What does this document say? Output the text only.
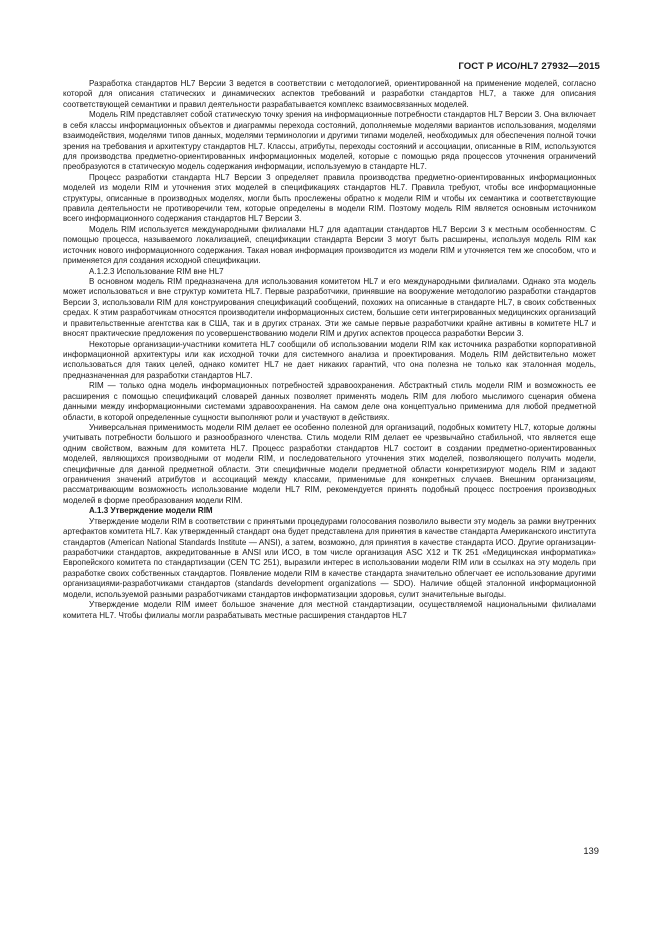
ГОСТ Р ИСО/HL7 27932—2015

Разработка стандартов HL7 Версии 3 ведется в соответствии с методологией, ориентированной на применение моделей, согласно которой для описания статических и динамических аспектов требований и разработки стандартов HL7, а также для описания соответствующей семантики и правил деятельности разрабатывается комплекс взаимосвязанных моделей.

Модель RIM представляет собой статическую точку зрения на информационные потребности стандартов HL7 Версии 3. Она включает в себя классы информационных объектов и диаграммы перехода состояний, дополняемые моделями вариантов использования, моделями взаимодействия, моделями типов данных, моделями терминологии и другими типами моделей, необходимых для обеспечения полной точки зрения на требования и архитектуру стандартов HL7. Классы, атрибуты, переходы состояний и ассоциации, описанные в RIM, используются для производства предметно-ориентированных информационных моделей, которые с помощью ряда процессов уточнения ограничений преобразуются в статическую модель содержания информации, используемую в стандарте HL7.

Процесс разработки стандарта HL7 Версии 3 определяет правила производства предметно-ориентированных информационных моделей из модели RIM и уточнения этих моделей в спецификациях стандартов HL7. Правила требуют, чтобы все информационные структуры, описанные в производных моделях, могли быть прослежены обратно к модели RIM и чтобы их семантика и соответствующие правила деятельности не противоречили тем, которые определены в модели RIM. Поэтому модель RIM является основным источником всего информационного содержания стандартов HL7 Версии 3.

Модель RIM используется международными филиалами HL7 для адаптации стандартов HL7 Версии 3 к местным особенностям. С помощью процесса, называемого локализацией, спецификации стандарта Версии 3 могут быть расширены, используя модель RIM как источник нового информационного содержания. Такая новая информация производится из модели RIM и уточняется тем же способом, что и применяется для создания исходной спецификации.

А.1.2.3 Использование RIM вне HL7

В основном модель RIM предназначена для использования комитетом HL7 и его международными филиалами. Однако эта модель может использоваться и вне структур комитета HL7. Первые разработчики, принявшие на вооружение методологию разработки стандартов Версии 3, использовали RIM для конструирования спецификаций сообщений, похожих на описанные в стандарте HL7, в своих собственных средах. К этим разработчикам относятся производители информационных систем, большие сети интегрированных медицинских организаций и правительственные агентства как в США, так и в других странах. Эти же самые первые разработчики крайне активны в комитете HL7 и вносят практические предложения по усовершенствованию модели RIM и других аспектов процесса разработки Версии 3.

Некоторые организации-участники комитета HL7 сообщили об использовании модели RIM как источника разработки корпоративной информационной архитектуры или как исходной точки для системного анализа и проектирования. Модель RIM действительно может использоваться для таких целей, однако комитет HL7 не дает никаких гарантий, что она полезна не только как эталонная модель, предназначенная для разработки стандартов HL7.

RIM — только одна модель информационных потребностей здравоохранения. Абстрактный стиль модели RIM и возможность ее расширения с помощью спецификаций словарей данных позволяет применять модель RIM для любого мыслимого сценария обмена данными между информационными системами здравоохранения. На самом деле она концептуально применима для любой предметной области, в которой определенные сущности выполняют роли и участвуют в действиях.

Универсальная применимость модели RIM делает ее особенно полезной для организаций, подобных комитету HL7, которые должны учитывать потребности большого и разнообразного членства. Стиль модели RIM делает ее чрезвычайно стабильной, что является еще одним свойством, важным для комитета HL7. Процесс разработки стандартов HL7 состоит в создании предметно-ориентированных моделей, являющихся производными от модели RIM, и последовательного уточнения этих моделей, позволяющего получить модели, специфичные для данной предметной области. Эти специфичные модели предметной области конкретизируют модель RIM и задают ограничения значений атрибутов и ассоциаций между классами, применимые для конкретных случаев. Внешним организациям, рассматривающим возможность использование модели HL7 RIM, рекомендуется принять подобный процесс построения производных моделей в форме преобразования модели RIM.

А.1.3 Утверждение модели RIM

Утверждение модели RIM в соответствии с принятыми процедурами голосования позволило вывести эту модель за рамки внутренних артефактов комитета HL7. Как утвержденный стандарт она будет представлена для принятия в качестве стандарта Американского института стандартов (American National Standards Institute — ANSI), а затем, возможно, для принятия в качестве стандарта ИСО. Другие организации-разработчики стандартов, аккредитованные в ANSI или ИСО, в том числе организация ASC X12 и ТК 251 «Медицинская информатика» Европейского комитета по стандартизации (CEN TC 251), выразили интерес в использовании модели RIM или в ссылках на эту модель при разработке своих собственных стандартов. Появление модели RIM в качестве стандарта значительно облегчает ее использование другими организациями-разработчиками стандартов (standards development organizations — SDO). Наличие общей эталонной информационной модели, используемой разными разработчиками стандартов информатизации здоровья, сулит значительные выгоды.

Утверждение модели RIM имеет большое значение для местной стандартизации, осуществляемой национальными филиалами комитета HL7. Чтобы филиалы могли разрабатывать местные расширения стандартов HL7

139
